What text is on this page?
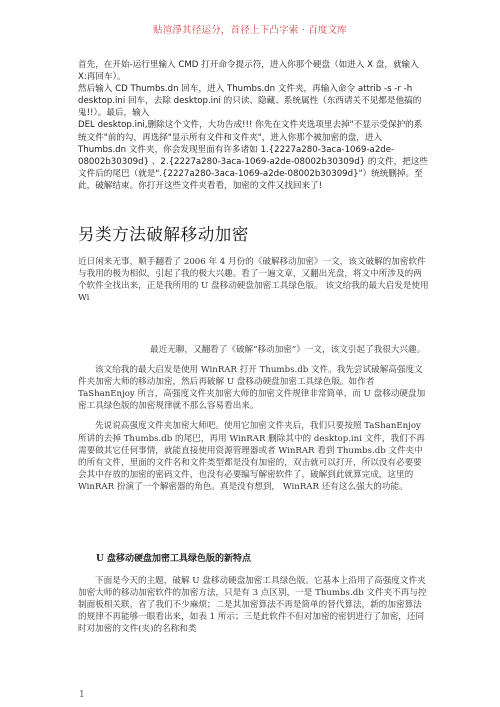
贴渲淨其径运分，首径上下凸字索 · 百度文库

首先，在开始-运行里输入 CMD 打开命令提示符，进入你那个硬盘（如进入 X 盘，就输入 X:再回车）。

然后输入 CD Thumbs.dn 回车，进入 Thumbs.dn 文件夹，再输入命令 attrib -s -r -h desktop.ini 回车，去除 desktop.ini 的只读、隐藏、系统属性（东西请关不见都是他搞的鬼!!）。最后，输入

DEL desktop.ini,删除这个文件，大功告成!!! 你先在文件夹选项里去掉"不显示受保护的系统文件"前的勾，再选择"显示所有文件和文件夹"，进入你那个被加密的盘，进入 Thumbs.dn 文件夹，你会发现里面有许多诸如 1.{2227a280-3aca-1069-a2de-08002b30309d} 、2.{2227a280-3aca-1069-a2de-08002b30309d} 的文件，把这些文件后的尾巴（就是".{2227a280-3aca-1069-a2de-08002b30309d}"）统统删掉。至此，破解结束。你打开这些文件夹看看，加密的文件又找回来了!

另类方法破解移动加密

近日闲来无事，顺手翻看了 2006 年 4 月份的《破解移动加密》一文，该文破解的加密软件与我用的极为相似，引起了我的极大兴趣。看了一遍文章，又翻出光盘，将文中所涉及的两个软件全找出来，正是我所用的 U 盘移动硬盘加密工具绿色版。 该文给我的最大启发是使用 Wi

最近无聊，又翻看了《破解“移动加密”》一文，该文引起了我很大兴趣。

该文给我的最大启发是使用 WinRAR 打开 Thumbs.db 文件。我先尝试破解高强度文件夹加密大师的移动加密，然后再破解 U 盘移动硬盘加密工具绿色版。如作者 TaShanEnjoy 所言，高强度文件夹加密大师的加密文件规律非常简单，而 U 盘移动硬盘加密工具绿色版的加密规律就不那么容易看出来。

先说说高强度文件夹加密大师吧。使用它加密文件夹后，我们只要按照 TaShanEnjoy 所讲的去掉 Thumbs.db 的尾巴，再用 WinRAR 删除其中的 desktop.ini 文件，我们不再需要做其它任何事情，就能直接使用资源管理器或者 WinRAR 看到 Thumbs.db 文件夹中的所有文件，里面的文件名和文件类型都是没有加密的，双击就可以打开，所以没有必要要会其中存放的加密的密码文件，也没有必要编写解密软件了，破解到此就算完成，这里的 WinRAR 扮演了一个解密器的角色。真是没有想到， WinRAR 还有这么强大的功能。

U 盘移动硬盘加密工具绿色版的新特点

下面是今天的主题，破解 U 盘移动硬盘加密工具绿色版。它基本上沿用了高强度文件夹加密大师的移动加密软件的加密方法，只是有 3 点区别，一是 Thumbs.db 文件夹不再与控制面板相关联，省了我们不少麻烦；二是其加密算法不再是简单的替代算法，新的加密算法的规律不再能够一眼看出来，如表 1 所示；三是此软件不但对加密的密钥进行了加密，还同时对加密的文件(夹)的名称和类

1
